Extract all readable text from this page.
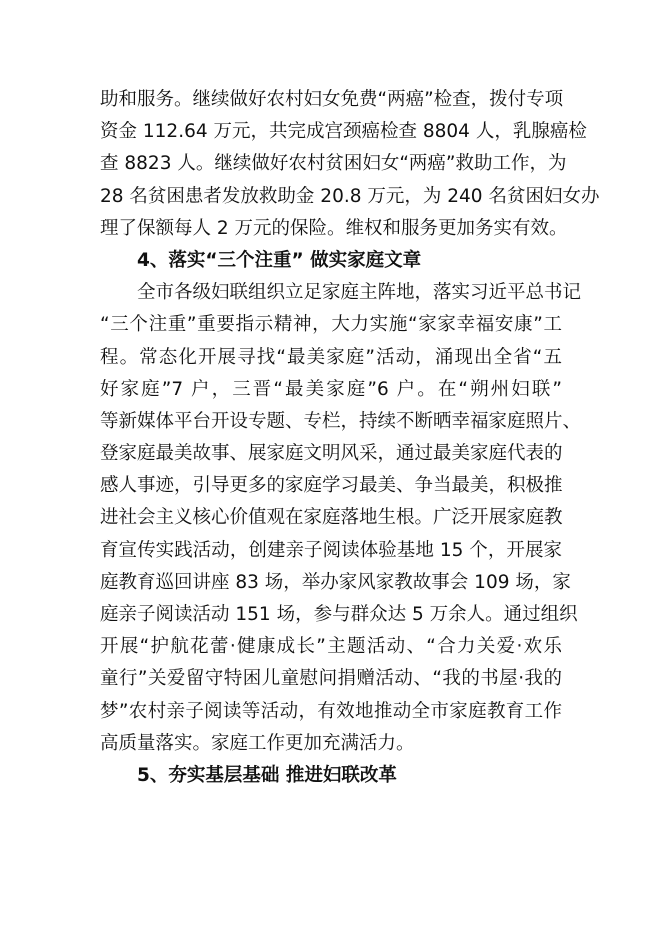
助和服务。继续做好农村妇女免费“两癌”检查，拨付专项
资金 112.64 万元，共完成宫颈癌检查 8804 人，乳腺癌检
查 8823 人。继续做好农村贫困妇女“两癌”救助工作，为
28 名贫困患者发放救助金 20.8 万元，为 240 名贫困妇女办
理了保额每人 2 万元的保险。维权和服务更加务实有效。
4、落实“三个注重” 做实家庭文章
全市各级妇联组织立足家庭主阵地，落实习近平总书记
“三个注重”重要指示精神，大力实施“家家幸福安康”工
程。常态化开展寻找“最美家庭”活动，涌现出全省“五
好家庭”7 户，三晋“最美家庭”6 户。在“朔州妇联”
等新媒体平台开设专题、专栏，持续不断晒幸福家庭照片、
登家庭最美故事、展家庭文明风采，通过最美家庭代表的
感人事迹，引导更多的家庭学习最美、争当最美，积极推
进社会主义核心价值观在家庭落地生根。广泛开展家庭教
育宣传实践活动，创建亲子阅读体验基地 15 个，开展家
庭教育巡回讲座 83 场，举办家风家教故事会 109 场，家
庭亲子阅读活动 151 场，参与群众达 5 万余人。通过组织
开展“护航花蕾·健康成长”主题活动、“合力关爱·欢乐
童行”关爱留守特困儿童慰问捐赠活动、“我的书屋·我的
梦”农村亲子阅读等活动，有效地推动全市家庭教育工作
高质量落实。家庭工作更加充满活力。
5、夯实基层基础 推进妇联改革
